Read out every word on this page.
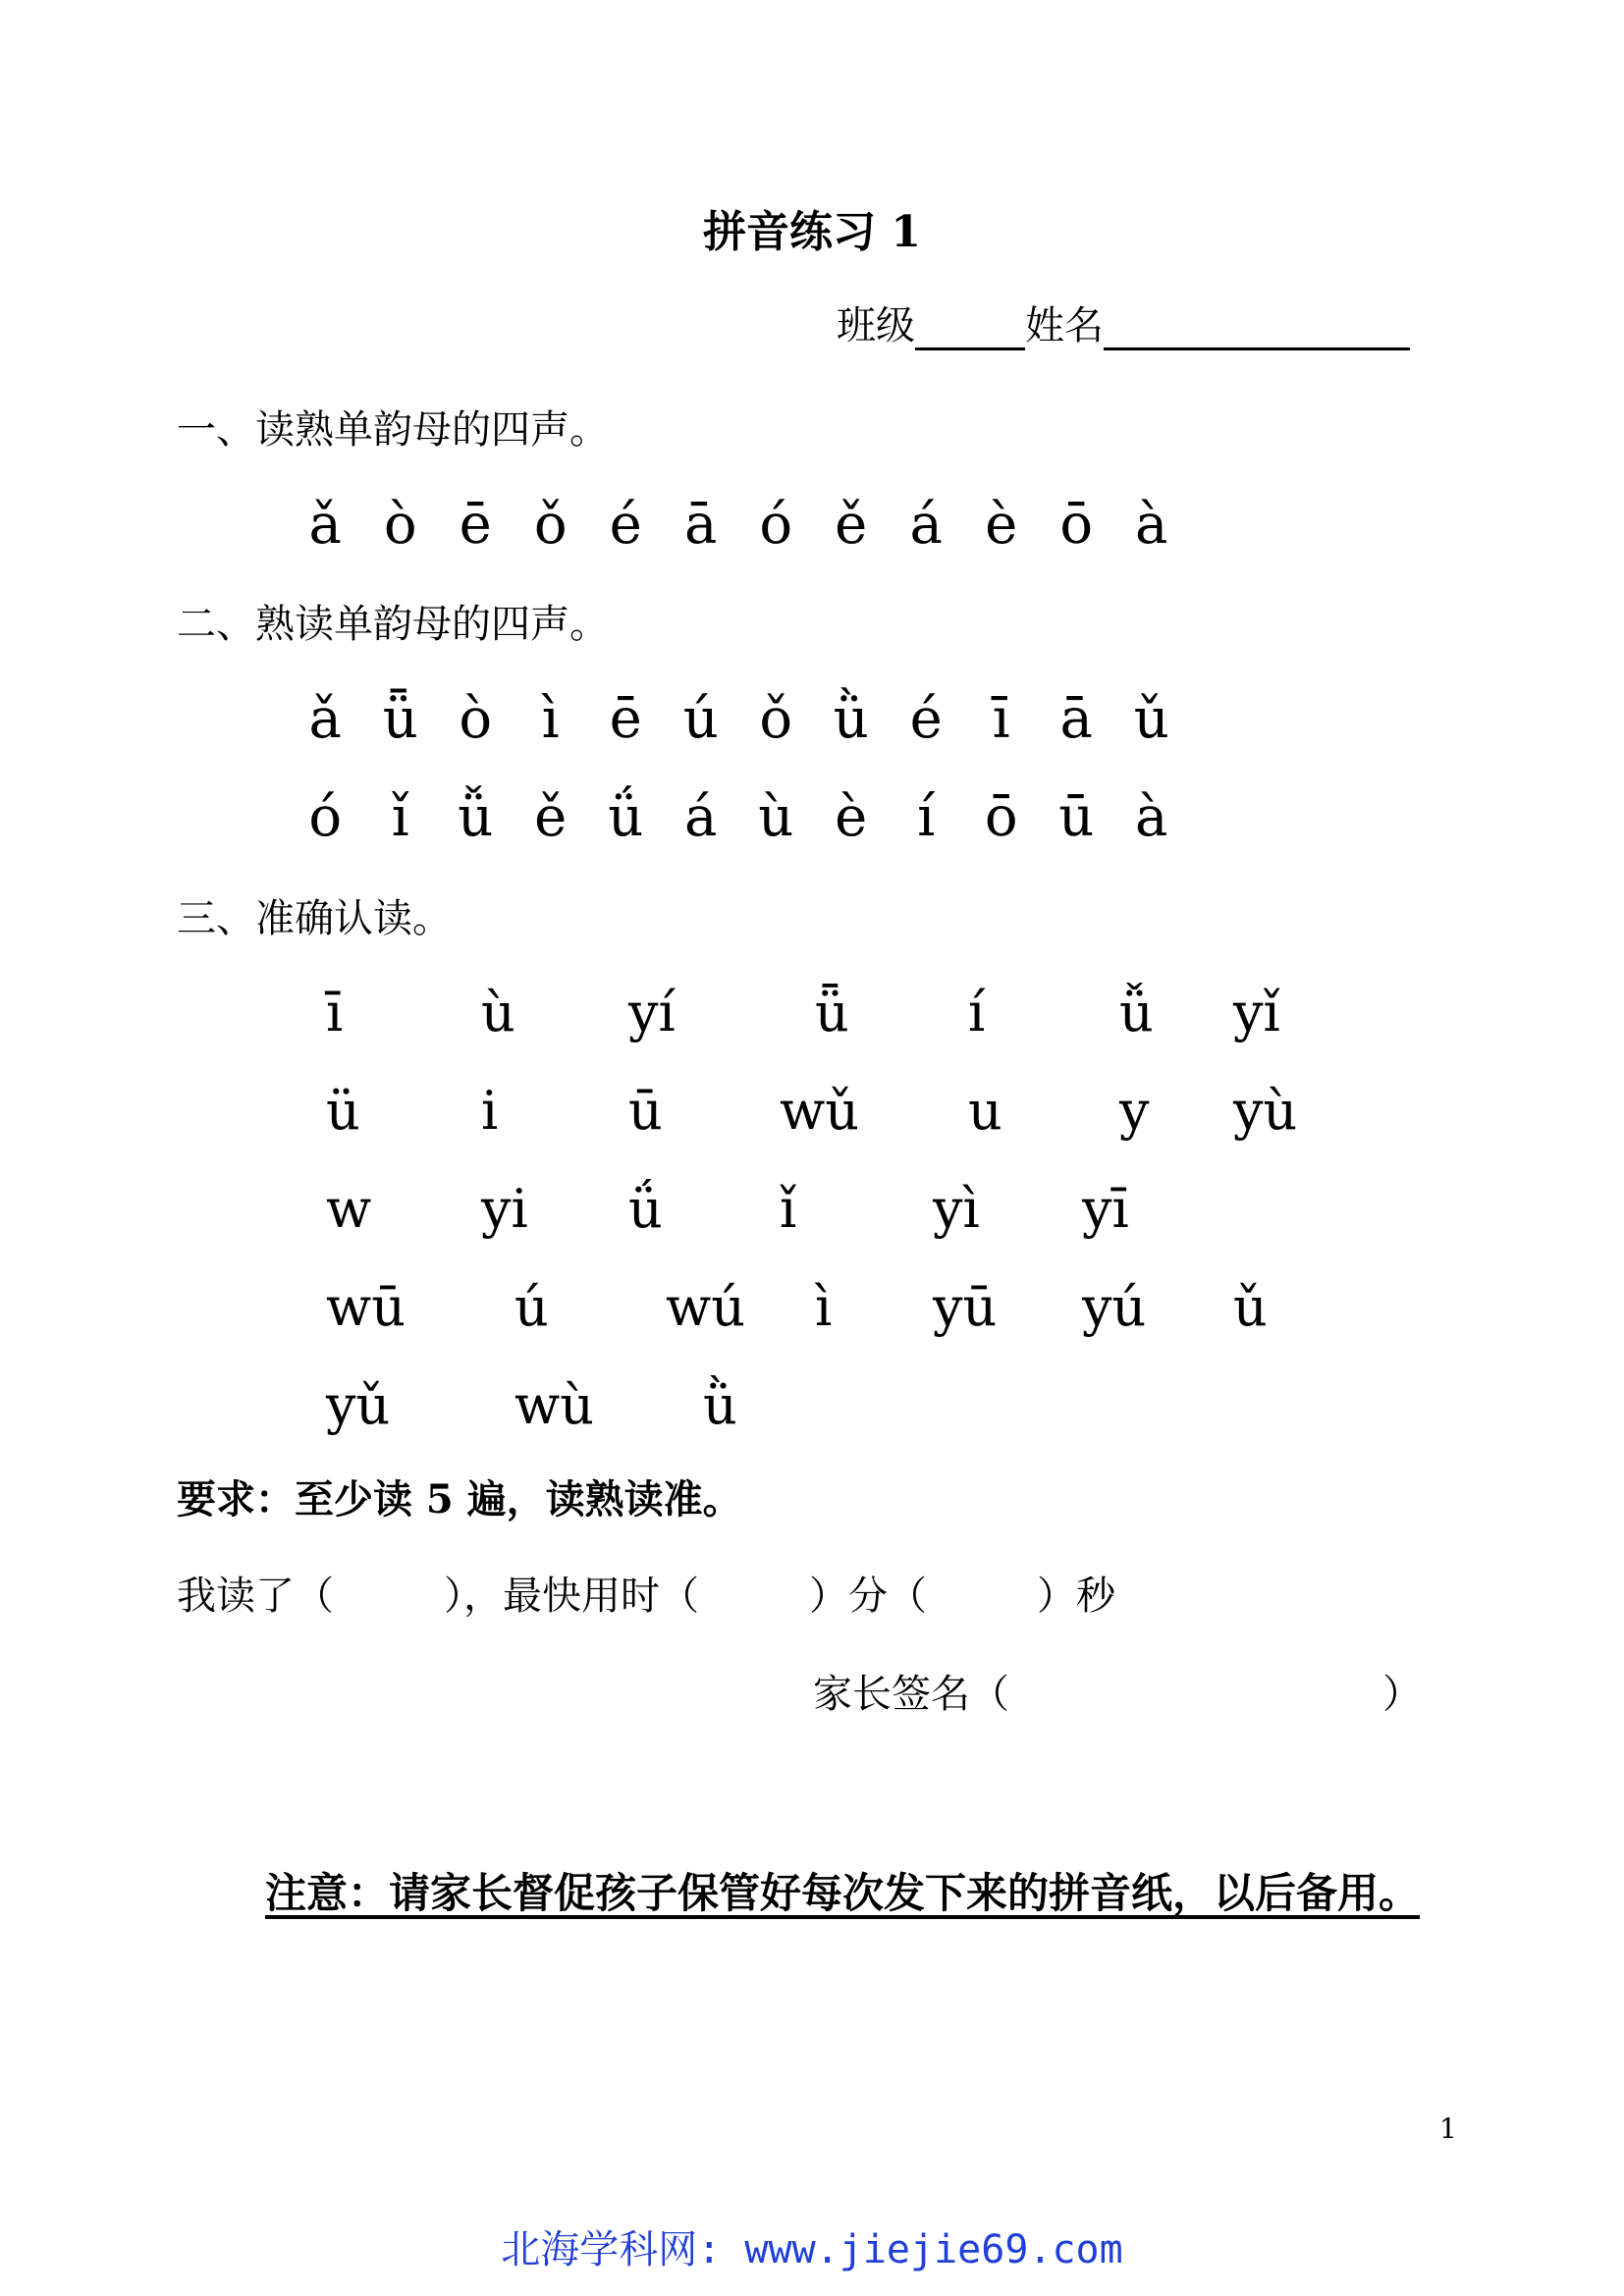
拼音练习 1
班级	姓名
一、读熟单韵母的四声。
ǎ ò ē ǒ é ā ó ě á è ō à
二、熟读单韵母的四声。
ǎ ǖ ò ì ē ú ǒ ǜ é ī ā ǔ
ó ǐ ǚ ě ǘ á ù è í ō ū à
三、准确认读。
ī	ù yí	ǖ í	ǚ yǐ
ü i ū wǔ u y yù
w yi ǘ ǐ	yì yī
wū ú wú ì yū yú ǔ
yǔ wù ǜ
要求：至少读 5 遍，读熟读准。
我读了（	），最快用时（	）分（	）秒
家长签名（	）
注意：请家长督促孩子保管好每次发下来的拼音纸，以后备用。
1
北海学科网: www.jiejie69.com
